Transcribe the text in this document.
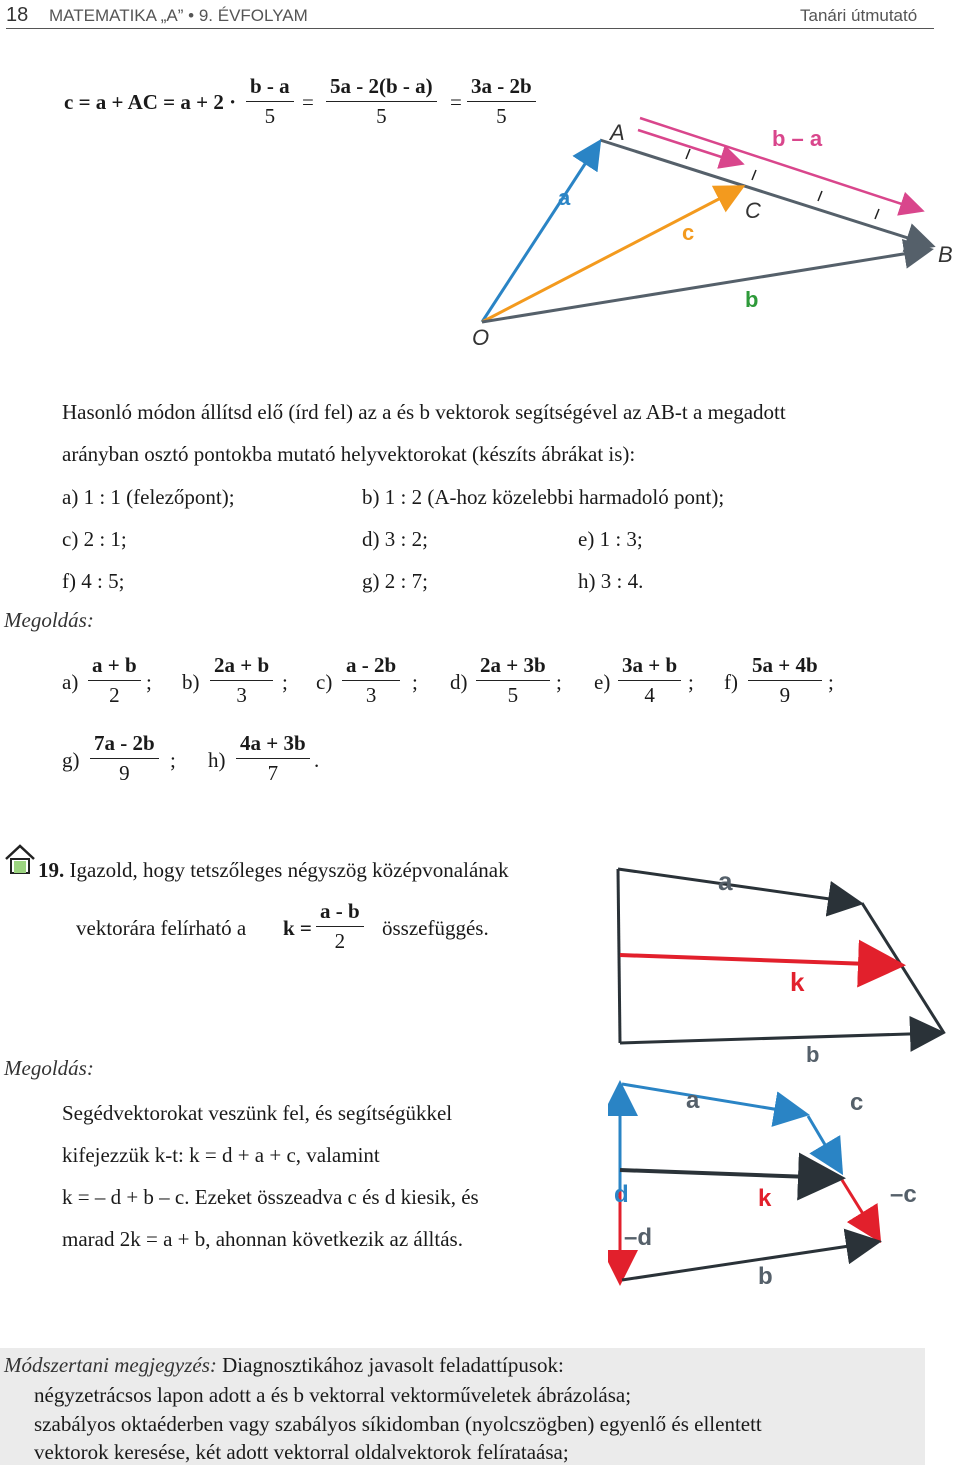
18 MATEMATIKA „A” • 9. ÉVFOLYAM	Tanári útmutató
c = a + AC = $a + 2 \cdot \frac{b - a}{5} = \frac{5a - 2(b - a)}{5} = \frac{3a - 2b}{5}$
A	b – a
C
B
a
c
b
O
Hasonló módon állítsd elő (írd fel) az a és b vektorok segítségével az AB-t a megadott
arányban osztó pontokba mutató helyvektorokat (készíts ábrákat is):
a) 1 : 1 (felezőpont);	b) 1 : 2 (A-hoz közelebbi harmadoló pont);
c) 2 : 1;	d) 3 : 2;	e) 1 : 3;
f) 4 : 5;	g) 2 : 7;	h) 3 : 4.
Megoldás:
$a) \frac{a + b}{2}$ ; $b) \frac{2a + b}{3}$ ; $c) \frac{a - 2b}{3}$ ; $d) \frac{2a + 3b}{5}$ ; $e) \frac{3a + b}{4}$ ; $f) \frac{5a + 4b}{9}$ ;
$g) \frac{7a - 2b}{9}$ ; $h) \frac{4a + 3b}{7}$ .
19. Igazold, hogy tetszőleges négyszög középvonalának
vektorára felírható a $k = \frac{a - b}{2}$ összefüggés.
a
k
Megoldás:
Segédvektorokat veszünk fel, és segítségükkel
kifejezzük k-t: k = d + a + c, valamint
k = – d + b – c. Ezeket összeadva c és d kiesik, és
marad 2k = a + b, ahonnan következik az álltás.
b
a	c
d	k	–c
–d
b
Módszertani megjegyzés: Diagnosztikához javasolt feladattípusok:
négyzetrácsos lapon adott a és b vektorral vektorműveletek ábrázolása;
szabályos oktaéderben vagy szabályos síkidomban (nyolcszögben) egyenlő és ellentett
vektorok keresése, két adott vektorral oldalvektorok felírataása;
